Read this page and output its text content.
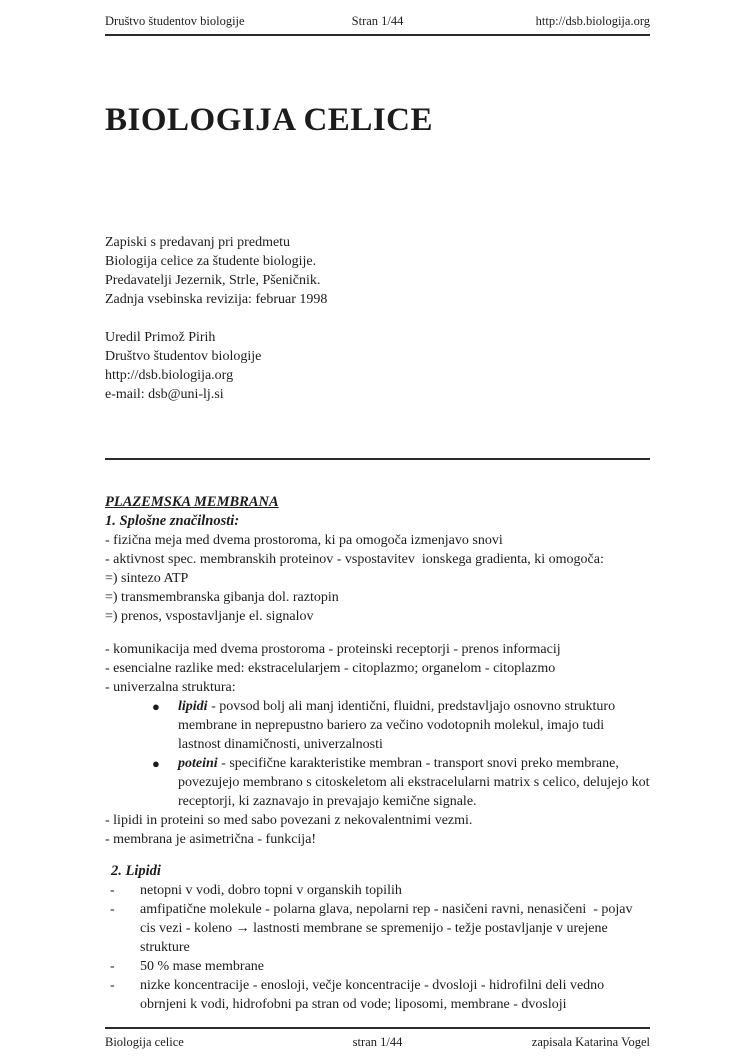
Društvo študentov biologije	Stran 1/44	http://dsb.biologija.org
BIOLOGIJA CELICE
Zapiski s predavanj pri predmetu
Biologija celice za študente biologije.
Predavatelji Jezernik, Strle, Pšeničnik.
Zadnja vsebinska revizija: februar 1998
Uredil Primož Pirih
Društvo študentov biologije
http://dsb.biologija.org
e-mail: dsb@uni-lj.si
PLAZEMSKA MEMBRANA
1. Splošne značilnosti:
- fizična meja med dvema prostoroma, ki pa omogoča izmenjavo snovi
- aktivnost spec. membranskih proteinov - vspostavitev  ionskega gradienta, ki omogoča:
=) sintezo ATP
=) transmembranska gibanja dol. raztopin
=) prenos, vspostavljanje el. signalov
- komunikacija med dvema prostoroma - proteinski receptorji - prenos informacij
- esencialne razlike med: ekstracelularjem - citoplazmo; organelom - citoplazmo
- univerzalna struktura:
●	lipidi - povsod bolj ali manj identični, fluidni, predstavljajo osnovno strukturo membrane in neprepustno bariero za večino vodotopnih molekul, imajo tudi lastnost dinamičnosti, univerzalnosti
●	poteini - specifične karakteristike membran - transport snovi preko membrane, povezujejo membrano s citoskeletom ali ekstracelularni matrix s celico, delujejo kot receptorji, ki zaznavajo in prevajajo kemične signale.
- lipidi in proteini so med sabo povezani z nekovalentnimi vezmi.
- membrana je asimetrična - funkcija!
2. Lipidi
-	netopni v vodi, dobro topni v organskih topilih
-	amfipatične molekule - polarna glava, nepolarni rep - nasičeni ravni, nenasičeni  - pojav cis vezi - koleno → lastnosti membrane se spremenijo - težje postavljanje v urejene strukture
-	50 % mase membrane
-	nizke koncentracije - enosloji, večje koncentracije - dvosloji - hidrofilni deli vedno obrnjeni k vodi, hidrofobni pa stran od vode; liposomi, membrane - dvosloji
Biologija celice	stran 1/44	zapisala Katarina Vogel
